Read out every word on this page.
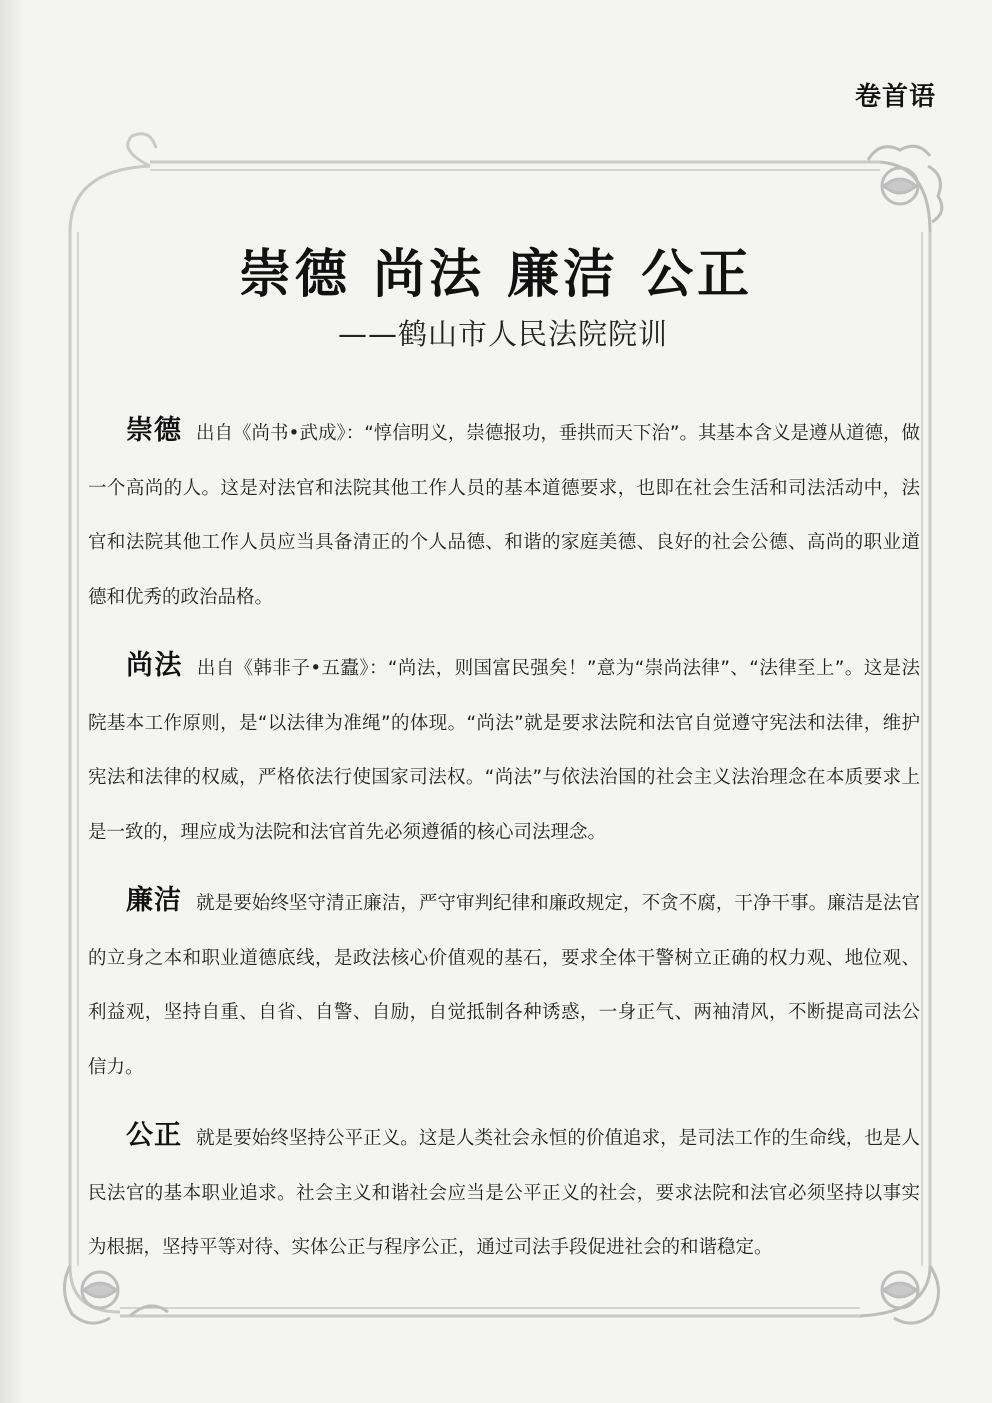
卷首语
崇德 尚法 廉洁 公正
——鹤山市人民法院院训

崇德 出自《尚书•武成》：“惇信明义，崇德报功，垂拱而天下治”。其基本含义是遵从道德，做一个高尚的人。这是对法官和法院其他工作人员的基本道德要求，也即在社会生活和司法活动中，法官和法院其他工作人员应当具备清正的个人品德、和谐的家庭美德、良好的社会公德、高尚的职业道德和优秀的政治品格。

尚法 出自《韩非子•五蠹》：“尚法，则国富民强矣！”意为“崇尚法律”、“法律至上”。这是法院基本工作原则，是“以法律为准绳”的体现。“尚法”就是要求法院和法官自觉遵守宪法和法律，维护宪法和法律的权威，严格依法行使国家司法权。“尚法”与依法治国的社会主义法治理念在本质要求上是一致的，理应成为法院和法官首先必须遵循的核心司法理念。

廉洁 就是要始终坚守清正廉洁，严守审判纪律和廉政规定，不贪不腐，干净干事。廉洁是法官的立身之本和职业道德底线，是政法核心价值观的基石，要求全体干警树立正确的权力观、地位观、利益观，坚持自重、自省、自警、自励，自觉抵制各种诱惑，一身正气、两袖清风，不断提高司法公信力。

公正 就是要始终坚持公平正义。这是人类社会永恒的价值追求，是司法工作的生命线，也是人民法官的基本职业追求。社会主义和谐社会应当是公平正义的社会，要求法院和法官必须坚持以事实为根据，坚持平等对待、实体公正与程序公正，通过司法手段促进社会的和谐稳定。
